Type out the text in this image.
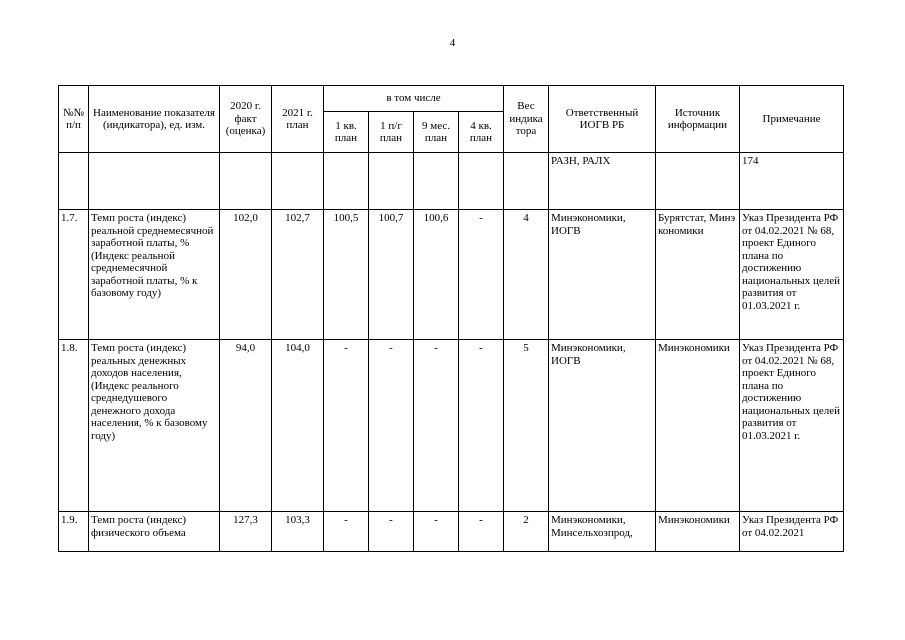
4
№№ п/п	Наименование показателя (индикатора), ед. изм.	2020 г. факт (оценка)	2021 г. план	в том числе				Вес индика тора	Ответственный ИОГВ РБ	Источник информации	Примечание
				1 кв. план	1 п/г план	9 мес. план	4 кв. план				
									РАЗН, РАЛХ		174
1.7.	Темп роста (индекс) реальной среднемесячной заработной платы, % (Индекс реальной среднемесячной заработной платы, % к базовому году)	102,0	102,7	100,5	100,7	100,6	-	4	Минэкономики, ИОГВ	Бурятстат, Минэкономики	Указ Президента РФ от 04.02.2021 № 68, проект Единого плана по достижению национальных целей развития от 01.03.2021 г.
1.8.	Темп роста (индекс) реальных денежных доходов населения, (Индекс реального среднедушевого денежного дохода населения, % к базовому году)	94,0	104,0	-	-	-	-	5	Минэкономики, ИОГВ	Минэкономики	Указ Президента РФ от 04.02.2021 № 68, проект Единого плана по достижению национальных целей развития от 01.03.2021 г.
1.9.	Темп роста (индекс) физического объема	127,3	103,3	-	-	-	-	2	Минэкономики, Минсельхозпрод,	Минэкономики	Указ Президента РФ от 04.02.2021
